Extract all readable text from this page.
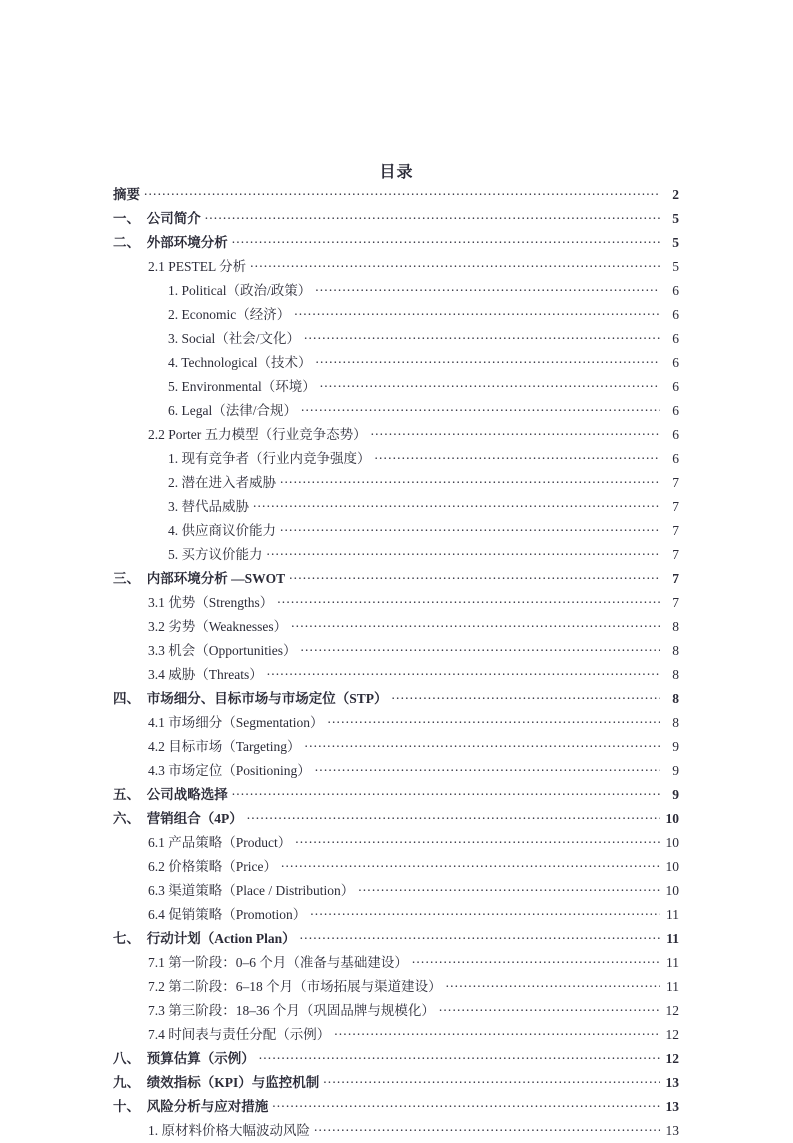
目录
摘要 .....	2
一、　公司简介 .....	5
二、　外部环境分析 .....	5
2.1 PESTEL 分析 .....	5
1. Political（政治/政策） .....	6
2. Economic（经济） .....	6
3. Social（社会/文化） .....	6
4. Technological（技术） .....	6
5. Environmental（环境） .....	6
6. Legal（法律/合规） .....	6
2.2 Porter 五力模型（行业竞争态势） .....	6
1. 现有竞争者（行业内竞争强度） .....	6
2. 潜在进入者威胁 .....	7
3. 替代品威胁 .....	7
4. 供应商议价能力 .....	7
5. 买方议价能力 .....	7
三、　内部环境分析 —SWOT .....	7
3.1 优势（Strengths） .....	7
3.2 劣势（Weaknesses） .....	8
3.3 机会（Opportunities） .....	8
3.4 威胁（Threats） .....	8
四、　市场细分、目标市场与市场定位（STP） .....	8
4.1 市场细分（Segmentation） .....	8
4.2 目标市场（Targeting） .....	9
4.3 市场定位（Positioning） .....	9
五、　公司战略选择 .....	9
六、　营销组合（4P） .....	10
6.1 产品策略（Product） .....	10
6.2 价格策略（Price） .....	10
6.3 渠道策略（Place / Distribution） .....	10
6.4 促销策略（Promotion） .....	11
七、　行动计划（Action Plan） .....	11
7.1 第一阶段：0–6 个月（准备与基础建设） .....	11
7.2 第二阶段：6–18 个月（市场拓展与渠道建设） .....	11
7.3 第三阶段：18–36 个月（巩固品牌与规模化） .....	12
7.4 时间表与责任分配（示例） .....	12
八、　预算估算（示例） .....	12
九、　绩效指标（KPI）与监控机制 .....	13
十、　风险分析与应对措施 .....	13
1. 原材料价格大幅波动风险 .....	13
